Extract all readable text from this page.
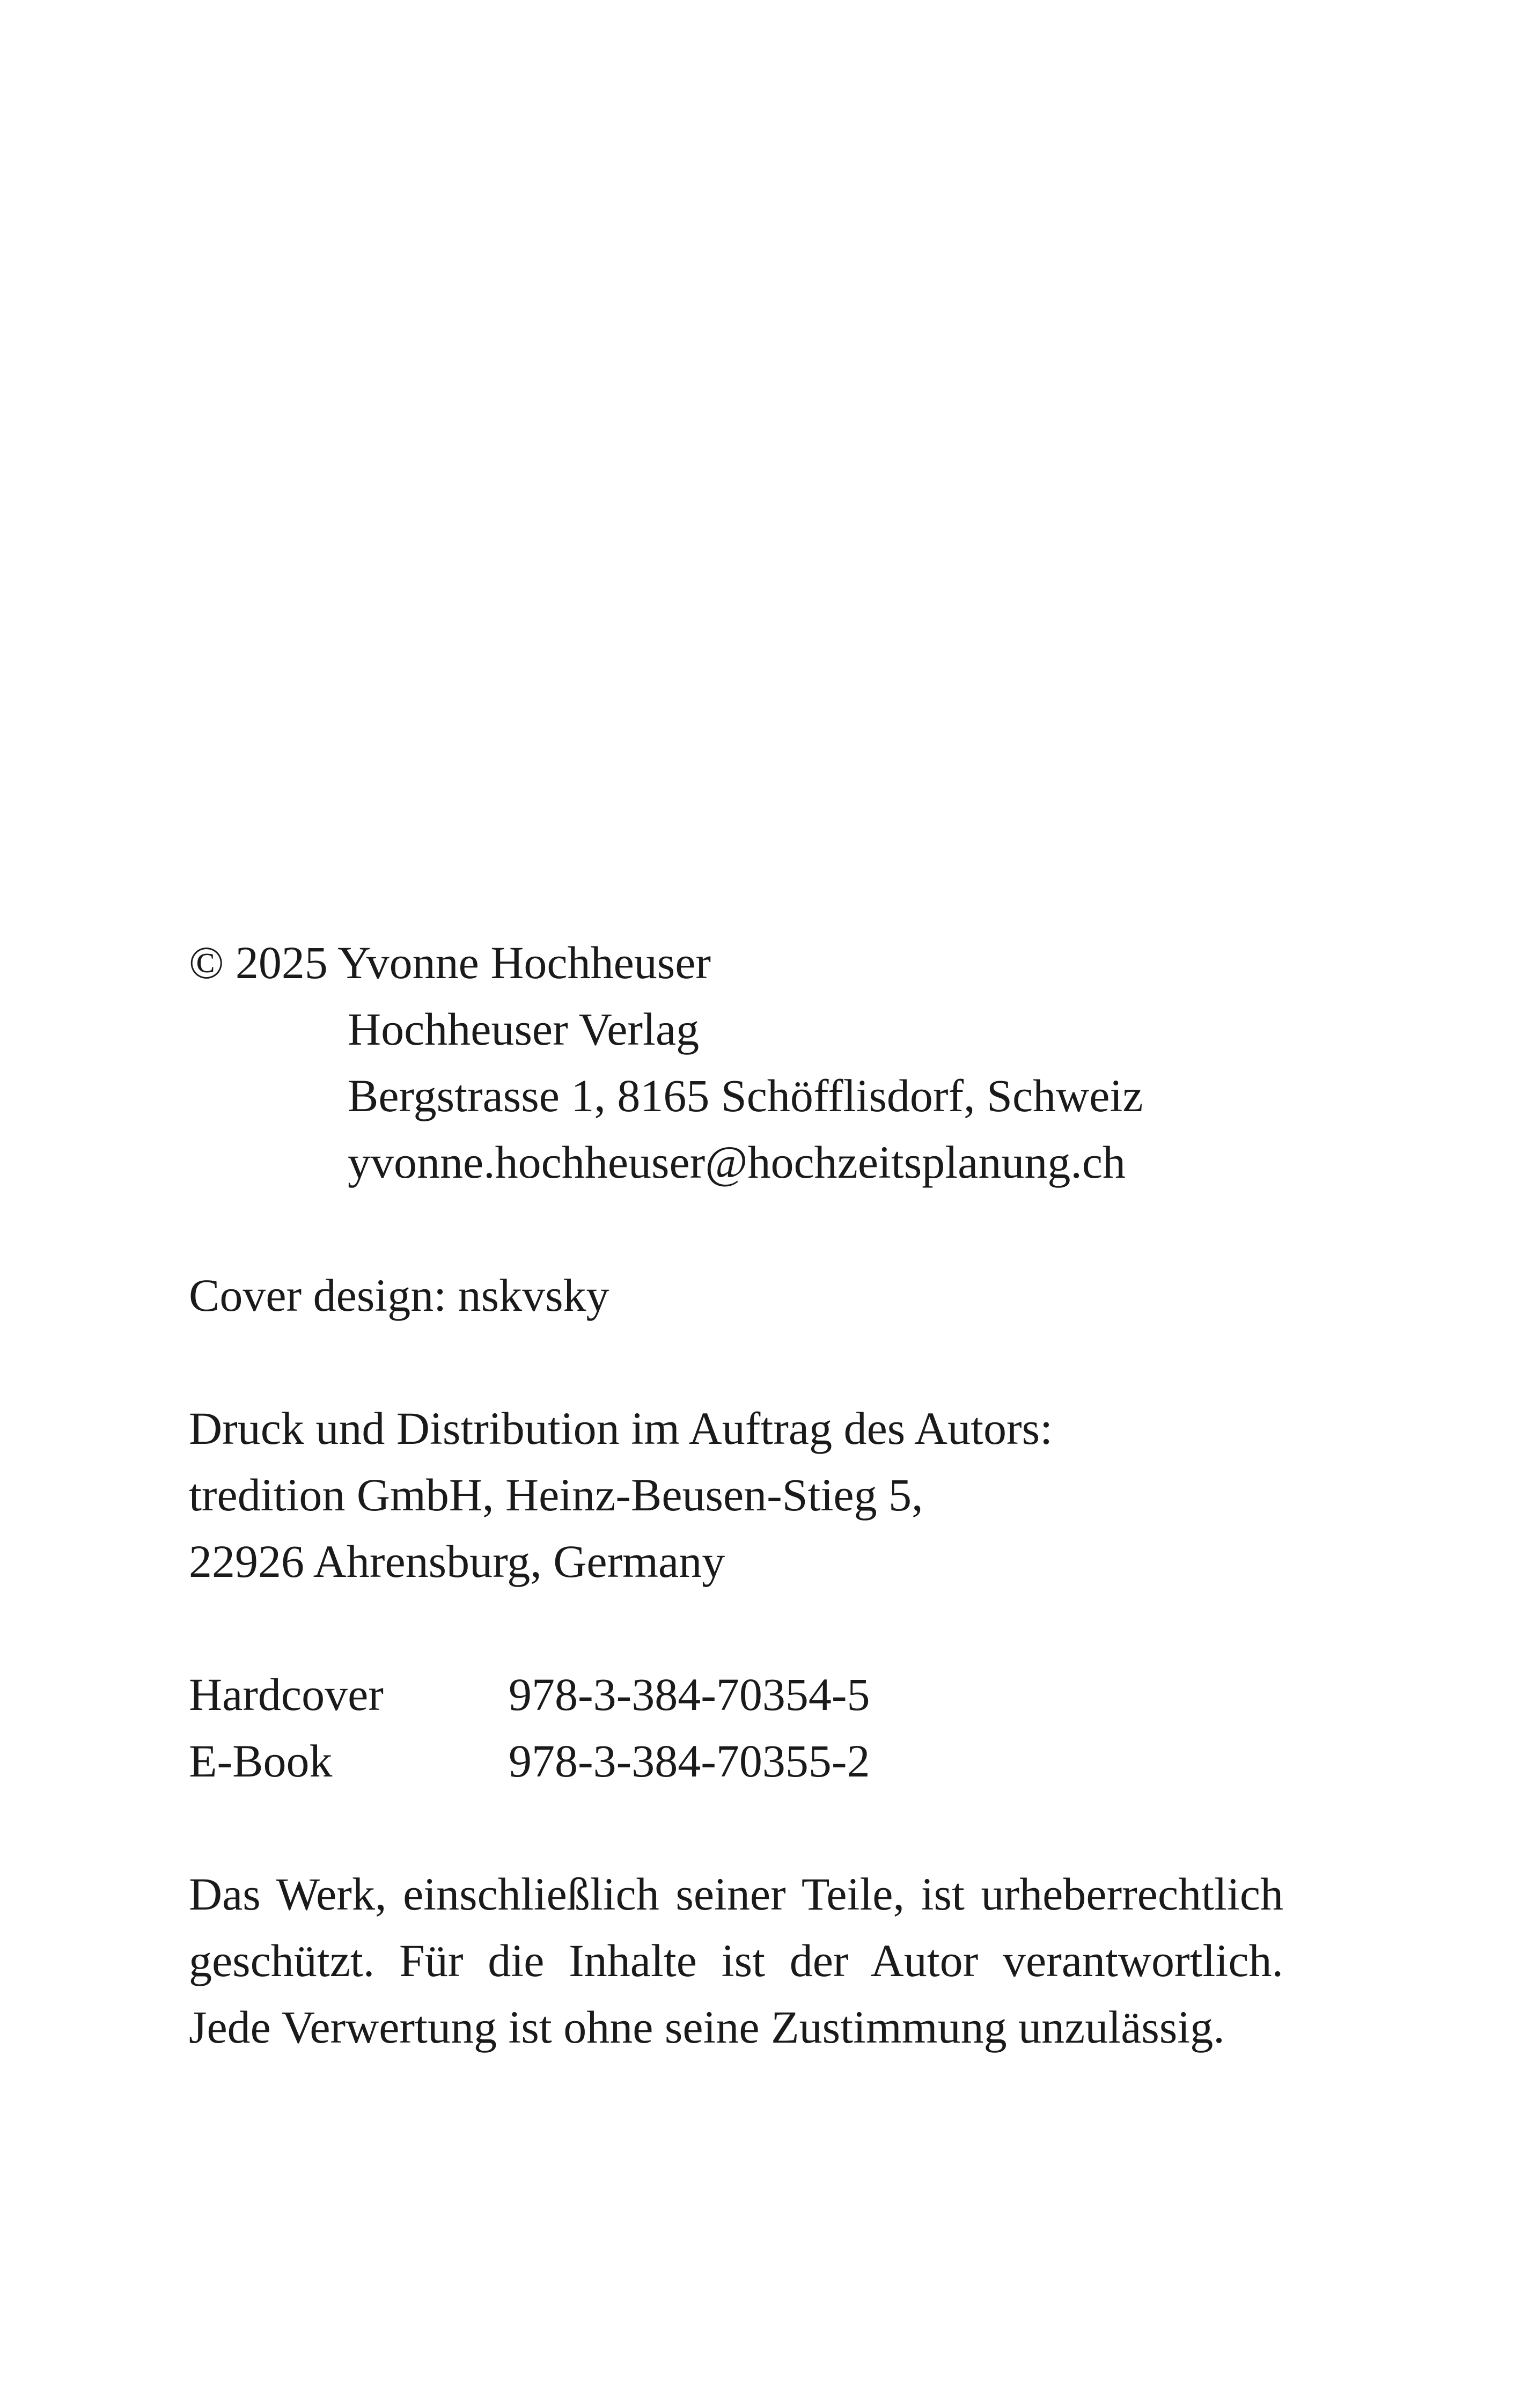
© 2025 Yvonne Hochheuser
Hochheuser Verlag
Bergstrasse 1, 8165 Schöfflisdorf, Schweiz
yvonne.hochheuser@hochzeitsplanung.ch
Cover design: nskvsky
Druck und Distribution im Auftrag des Autors:
tredition GmbH, Heinz-Beusen-Stieg 5,
22926 Ahrensburg, Germany
Hardcover	978-3-384-70354-5
E-Book	978-3-384-70355-2
Das Werk, einschließlich seiner Teile, ist urheberrechtlich geschützt. Für die Inhalte ist der Autor verantwortlich. Jede Verwertung ist ohne seine Zustimmung unzulässig.
